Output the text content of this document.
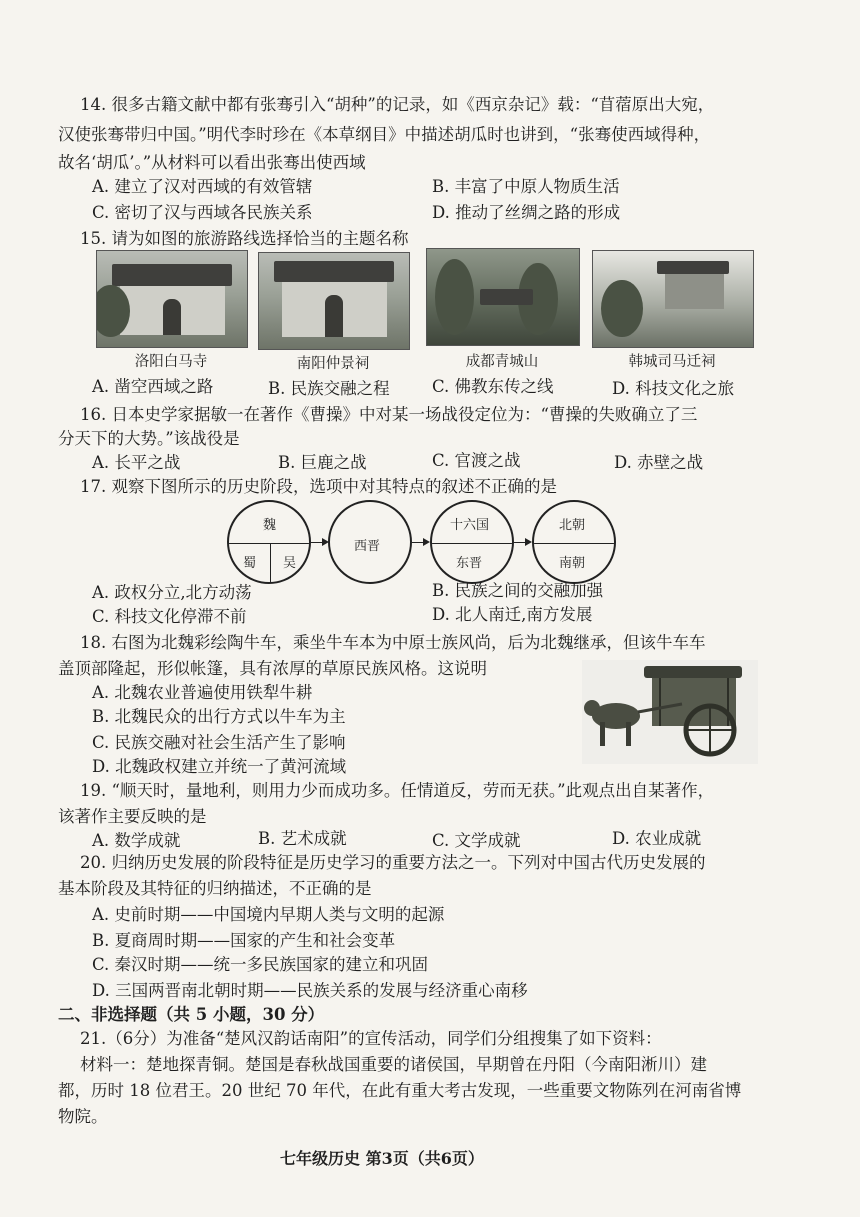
14. 很多古籍文献中都有张骞引入“胡种”的记录，如《西京杂记》载：“苜蓿原出大宛，
汉使张骞带归中国。”明代李时珍在《本草纲目》中描述胡瓜时也讲到，“张骞使西域得种，
故名‘胡瓜’。”从材料可以看出张骞出使西域
A. 建立了汉对西域的有效管辖	B. 丰富了中原人物质生活
C. 密切了汉与西域各民族关系	D. 推动了丝绸之路的形成
15. 请为如图的旅游路线选择恰当的主题名称
洛阳白马寺	南阳仲景祠	成都青城山	韩城司马迁祠
A. 凿空西域之路	B. 民族交融之程	C. 佛教东传之线	D. 科技文化之旅
16. 日本史学家据敏一在著作《曹操》中对某一场战役定位为：“曹操的失败确立了三
分天下的大势。”该战役是
A. 长平之战	B. 巨鹿之战	C. 官渡之战	D. 赤壁之战
17. 观察下图所示的历史阶段，选项中对其特点的叙述不正确的是
魏
蜀 吴
西晋
十六国
东晋
北朝
南朝
A. 政权分立,北方动荡	B. 民族之间的交融加强
C. 科技文化停滞不前	D. 北人南迁,南方发展
18. 右图为北魏彩绘陶牛车，乘坐牛车本为中原士族风尚，后为北魏继承，但该牛车车
盖顶部隆起，形似帐篷，具有浓厚的草原民族风格。这说明
A. 北魏农业普遍使用铁犁牛耕
B. 北魏民众的出行方式以牛车为主
C. 民族交融对社会生活产生了影响
D. 北魏政权建立并统一了黄河流域
19. “顺天时，量地利，则用力少而成功多。任情道反，劳而无获。”此观点出自某著作，
该著作主要反映的是
A. 数学成就	B. 艺术成就	C. 文学成就	D. 农业成就
20. 归纳历史发展的阶段特征是历史学习的重要方法之一。下列对中国古代历史发展的
基本阶段及其特征的归纳描述，不正确的是
A. 史前时期——中国境内早期人类与文明的起源
B. 夏商周时期——国家的产生和社会变革
C. 秦汉时期——统一多民族国家的建立和巩固
D. 三国两晋南北朝时期——民族关系的发展与经济重心南移
二、非选择题（共 5 小题，30 分）
21.（6分）为准备“楚风汉韵话南阳”的宣传活动，同学们分组搜集了如下资料：
材料一：楚地探青铜。楚国是春秋战国重要的诸侯国，早期曾在丹阳（今南阳淅川）建
都，历时 18 位君王。20 世纪 70 年代，在此有重大考古发现，一些重要文物陈列在河南省博
物院。
七年级历史 第3页（共6页）
